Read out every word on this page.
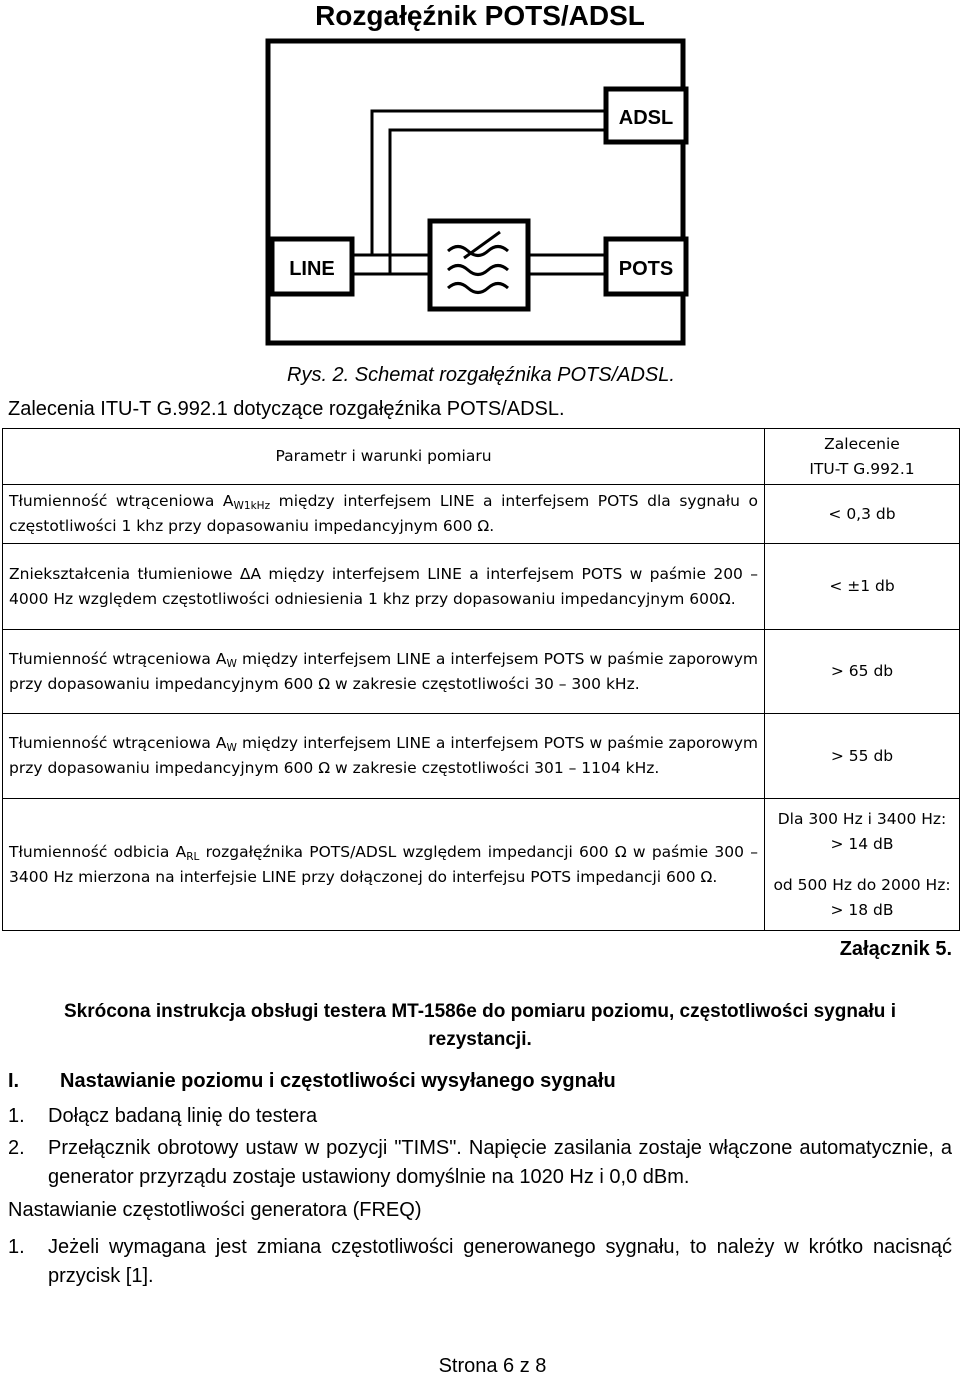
Rozgałęźnik POTS/ADSL
ADSL
LINE	POTS
Rys. 2. Schemat rozgałęźnika POTS/ADSL.
Zalecenia ITU-T G.992.1 dotyczące rozgałęźnika POTS/ADSL.
Parametr i warunki pomiaru	Zalecenie
ITU-T G.992.1

Tłumienność wtrąceniowa $A_{W1kHz}$ między interfejsem LINE a interfejsem POTS dla sygnału o częstotliwości 1 khz przy dopasowaniu impedancyjnym 600 Ω.	< 0,3 db
Zniekształcenia tłumieniowe ΔA między interfejsem LINE a interfejsem POTS w paśmie 200 – 4000 Hz względem częstotliwości odniesienia 1 khz przy dopasowaniu impedancyjnym 600Ω.	< ±1 db
Tłumienność wtrąceniowa $A_W$ między interfejsem LINE a interfejsem POTS w paśmie zaporowym przy dopasowaniu impedancyjnym 600 Ω w zakresie częstotliwości 30 – 300 kHz.	> 65 db
Tłumienność wtrąceniowa $A_W$ między interfejsem LINE a interfejsem POTS w paśmie zaporowym przy dopasowaniu impedancyjnym 600 Ω w zakresie częstotliwości 301 – 1104 kHz.	> 55 db
Tłumienność odbicia $A_{RL}$ rozgałęźnika POTS/ADSL względem impedancji 600 Ω w paśmie 300 – 3400 Hz mierzona na interfejsie LINE przy dołączonej do interfejsu POTS impedancji 600 Ω.	Dla 300 Hz i 3400 Hz:
> 14 dB
od 500 Hz do 2000 Hz:
> 18 dB
Załącznik 5.
Skrócona instrukcja obsługi testera MT-1586e do pomiaru poziomu, częstotliwości sygnału i rezystancji.
I. Nastawianie poziomu i częstotliwości wysyłanego sygnału
1. Dołącz badaną linię do testera
2. Przełącznik obrotowy ustaw w pozycji "TIMS". Napięcie zasilania zostaje włączone automatycznie, a generator przyrządu zostaje ustawiony domyślnie na 1020 Hz i 0,0 dBm.
Nastawianie częstotliwości generatora (FREQ)
1. Jeżeli wymagana jest zmiana częstotliwości generowanego sygnału, to należy w krótko nacisnąć przycisk [1].
Strona 6 z 8
